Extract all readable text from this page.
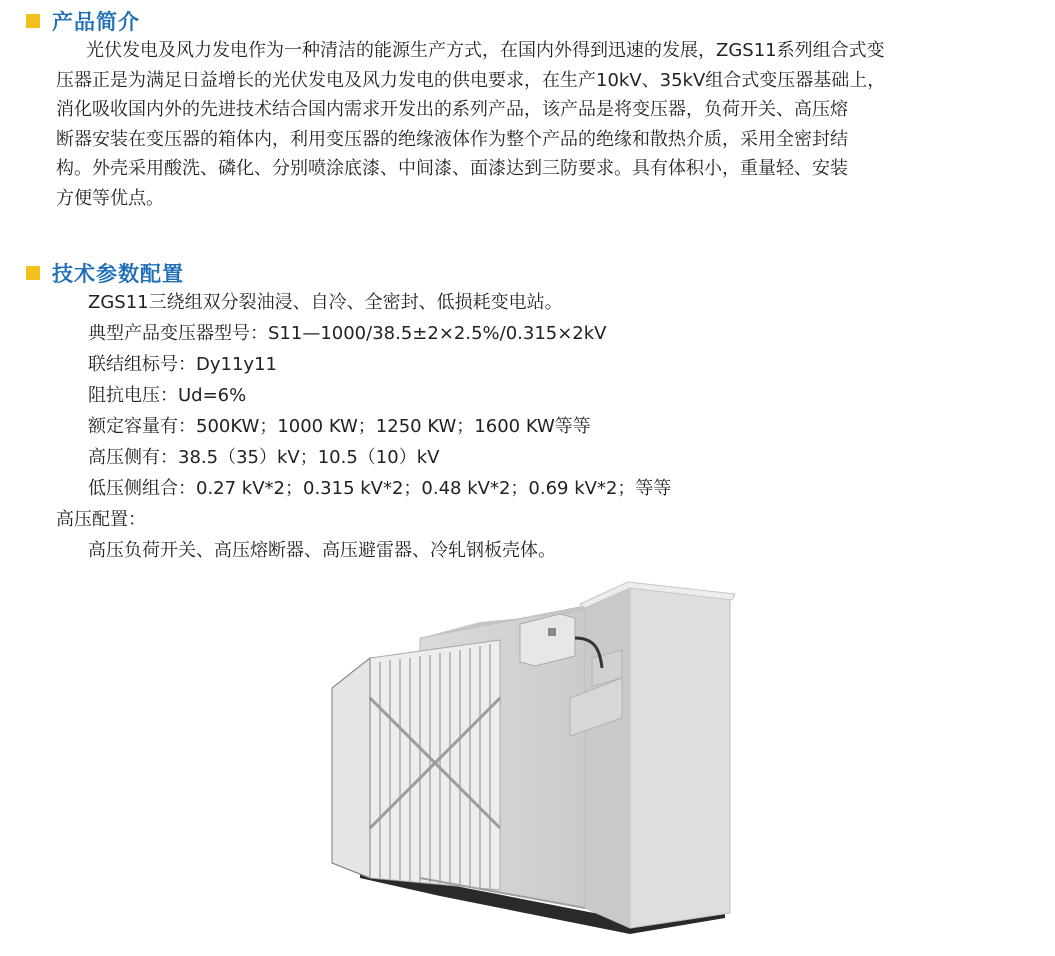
产品简介
光伏发电及风力发电作为一种清洁的能源生产方式，在国内外得到迅速的发展，ZGS11系列组合式变
压器正是为满足日益增长的光伏发电及风力发电的供电要求，在生产10kV、35kV组合式变压器基础上，
消化吸收国内外的先进技术结合国内需求开发出的系列产品，该产品是将变压器，负荷开关、高压熔
断器安装在变压器的箱体内，利用变压器的绝缘液体作为整个产品的绝缘和散热介质，采用全密封结
构。外壳采用酸洗、磷化、分别喷涂底漆、中间漆、面漆达到三防要求。具有体积小，重量轻、安装
方便等优点。
技术参数配置
ZGS11三绕组双分裂油浸、自冷、全密封、低损耗变电站。
典型产品变压器型号：S11—1000/38.5±2×2.5%/0.315×2kV
联结组标号：Dy11y11
阻抗电压：Ud=6%
额定容量有：500KW；1000 KW；1250 KW；1600 KW等等
高压侧有：38.5（35）kV；10.5（10）kV
低压侧组合：0.27 kV*2；0.315 kV*2；0.48 kV*2；0.69 kV*2；等等
高压配置：
高压负荷开关、高压熔断器、高压避雷器、冷轧钢板壳体。
